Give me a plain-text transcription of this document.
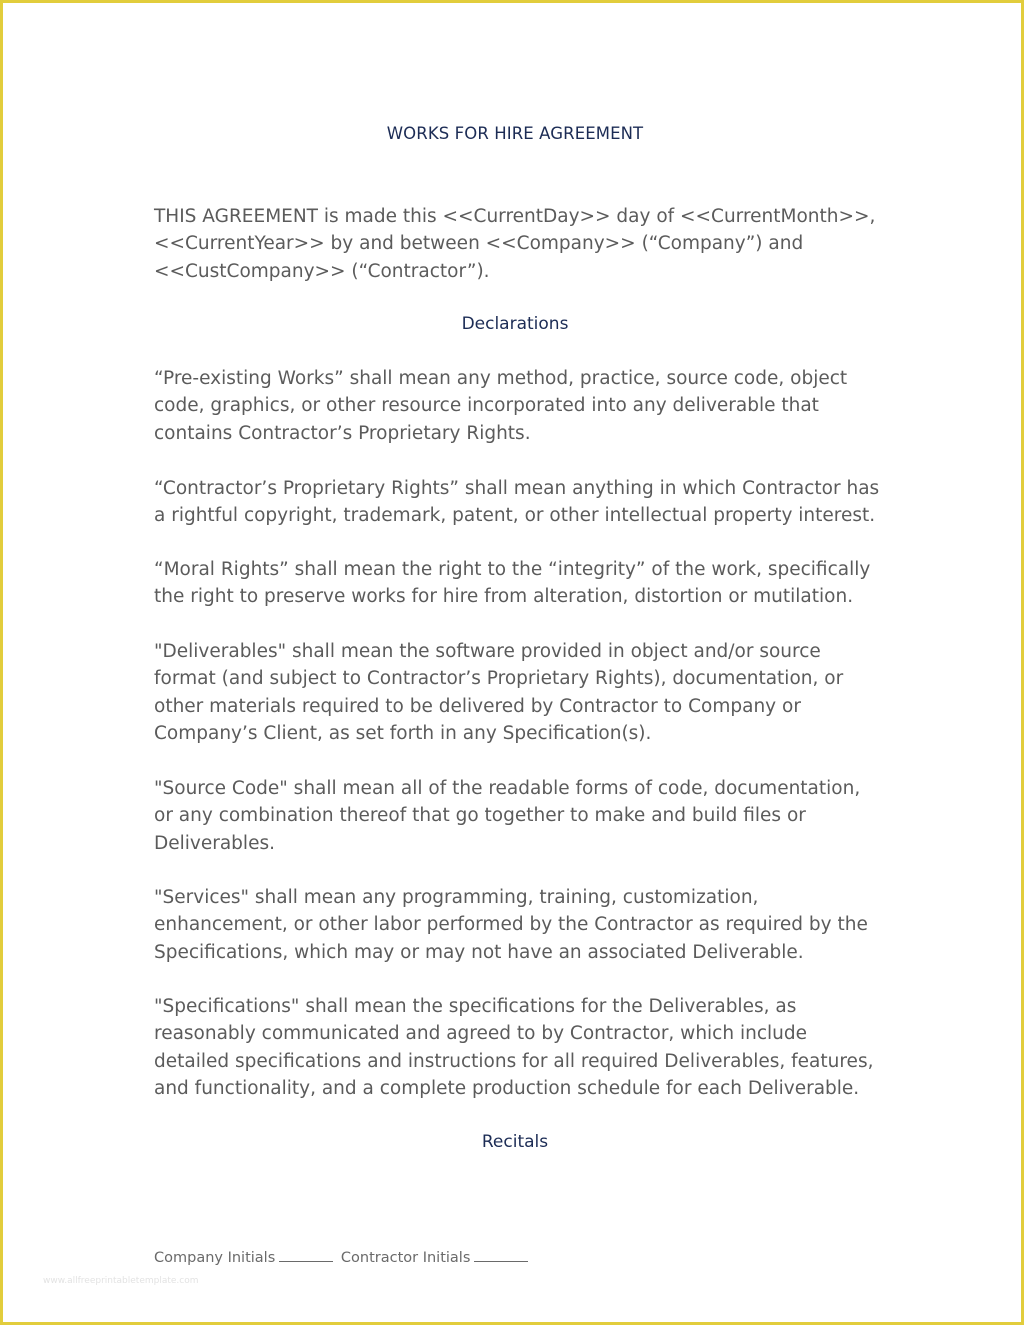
WORKS FOR HIRE AGREEMENT

THIS AGREEMENT is made this <<CurrentDay>> day of <<CurrentMonth>>, <<CurrentYear>> by and between <<Company>> (“Company”) and <<CustCompany>> (“Contractor”).

Declarations

“Pre-existing Works” shall mean any method, practice, source code, object code, graphics, or other resource incorporated into any deliverable that contains Contractor’s Proprietary Rights.

“Contractor’s Proprietary Rights” shall mean anything in which Contractor has a rightful copyright, trademark, patent, or other intellectual property interest.

“Moral Rights” shall mean the right to the “integrity” of the work, specifically the right to preserve works for hire from alteration, distortion or mutilation.

"Deliverables" shall mean the software provided in object and/or source format (and subject to Contractor’s Proprietary Rights), documentation, or other materials required to be delivered by Contractor to Company or Company’s Client, as set forth in any Specification(s).

"Source Code" shall mean all of the readable forms of code, documentation, or any combination thereof that go together to make and build files or Deliverables.

"Services" shall mean any programming, training, customization, enhancement, or other labor performed by the Contractor as required by the Specifications, which may or may not have an associated Deliverable.

"Specifications" shall mean the specifications for the Deliverables, as reasonably communicated and agreed to by Contractor, which include detailed specifications and instructions for all required Deliverables, features, and functionality, and a complete production schedule for each Deliverable.

Recitals
Company Initials	Contractor Initials
www.allfreeprintabletemplate.com
